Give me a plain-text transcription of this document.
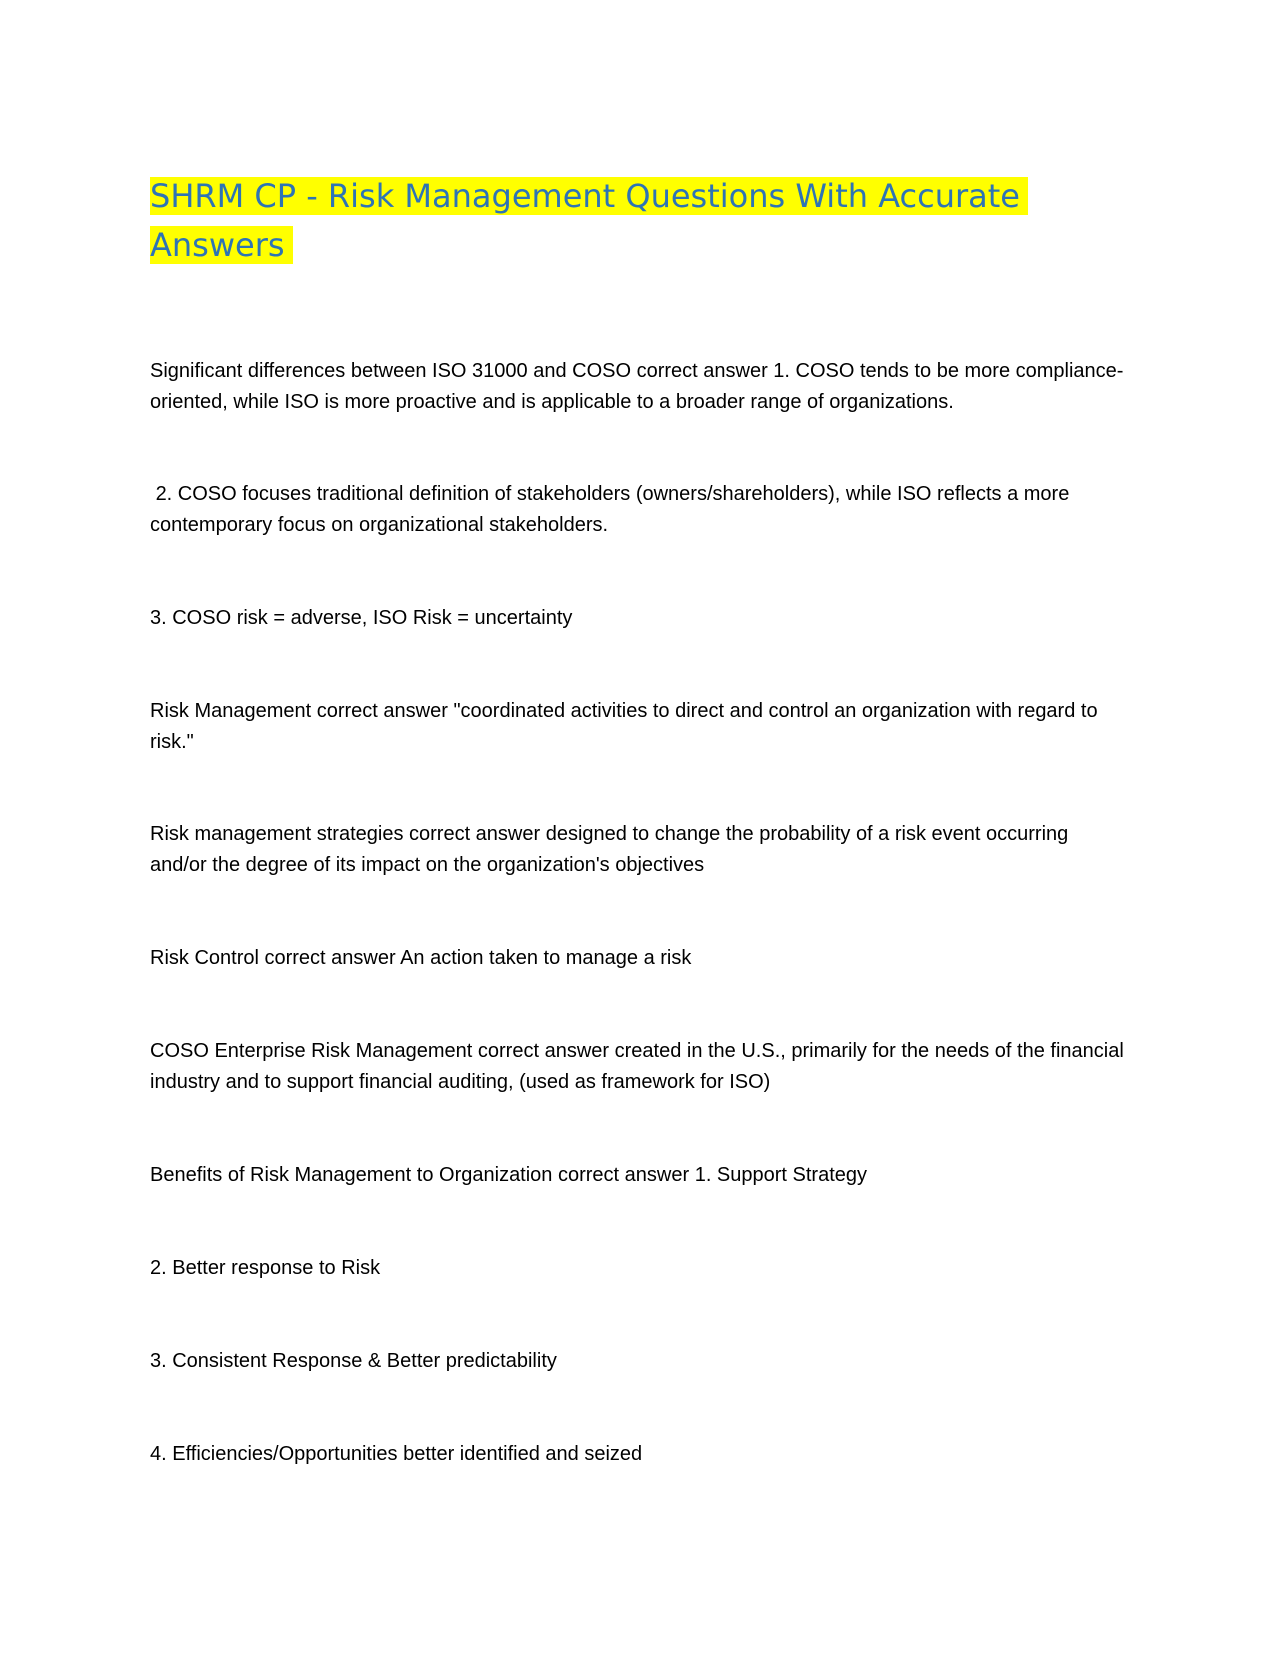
SHRM CP - Risk Management Questions With Accurate Answers

Significant differences between ISO 31000 and COSO correct answer 1. COSO tends to be more compliance-oriented, while ISO is more proactive and is applicable to a broader range of organizations.

2. COSO focuses traditional definition of stakeholders (owners/shareholders), while ISO reflects a more contemporary focus on organizational stakeholders.

3. COSO risk = adverse, ISO Risk = uncertainty

Risk Management correct answer "coordinated activities to direct and control an organization with regard to risk."

Risk management strategies correct answer designed to change the probability of a risk event occurring and/or the degree of its impact on the organization's objectives

Risk Control correct answer An action taken to manage a risk

COSO Enterprise Risk Management correct answer created in the U.S., primarily for the needs of the financial industry and to support financial auditing, (used as framework for ISO)

Benefits of Risk Management to Organization correct answer 1. Support Strategy

2. Better response to Risk

3. Consistent Response & Better predictability

4. Efficiencies/Opportunities better identified and seized
